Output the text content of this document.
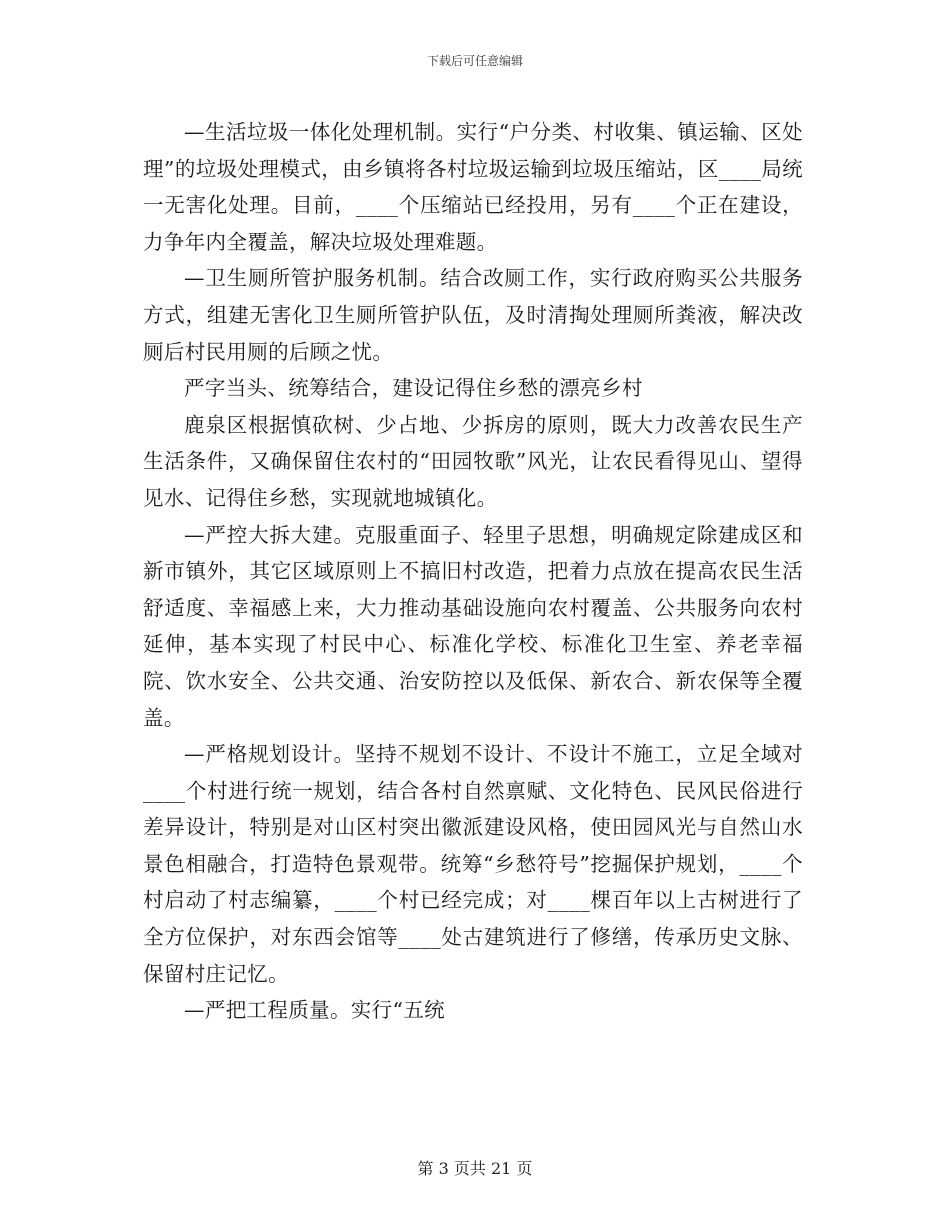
下载后可任意编辑

—生活垃圾一体化处理机制。实行“户分类、村收集、镇运输、区处理”的垃圾处理模式，由乡镇将各村垃圾运输到垃圾压缩站，区____局统一无害化处理。目前，____个压缩站已经投用，另有____个正在建设，力争年内全覆盖，解决垃圾处理难题。

—卫生厕所管护服务机制。结合改厕工作，实行政府购买公共服务方式，组建无害化卫生厕所管护队伍，及时清掏处理厕所粪液，解决改厕后村民用厕的后顾之忧。

严字当头、统筹结合，建设记得住乡愁的漂亮乡村

鹿泉区根据慎砍树、少占地、少拆房的原则，既大力改善农民生产生活条件，又确保留住农村的“田园牧歌”风光，让农民看得见山、望得见水、记得住乡愁，实现就地城镇化。

—严控大拆大建。克服重面子、轻里子思想，明确规定除建成区和新市镇外，其它区域原则上不搞旧村改造，把着力点放在提高农民生活舒适度、幸福感上来，大力推动基础设施向农村覆盖、公共服务向农村延伸，基本实现了村民中心、标准化学校、标准化卫生室、养老幸福院、饮水安全、公共交通、治安防控以及低保、新农合、新农保等全覆盖。

—严格规划设计。坚持不规划不设计、不设计不施工，立足全域对____个村进行统一规划，结合各村自然禀赋、文化特色、民风民俗进行差异设计，特别是对山区村突出徽派建设风格，使田园风光与自然山水景色相融合，打造特色景观带。统筹“乡愁符号”挖掘保护规划，____个村启动了村志编纂，____个村已经完成；对____棵百年以上古树进行了全方位保护，对东西会馆等____处古建筑进行了修缮，传承历史文脉、保留村庄记忆。

—严把工程质量。实行“五统

第 3 页共 21 页
